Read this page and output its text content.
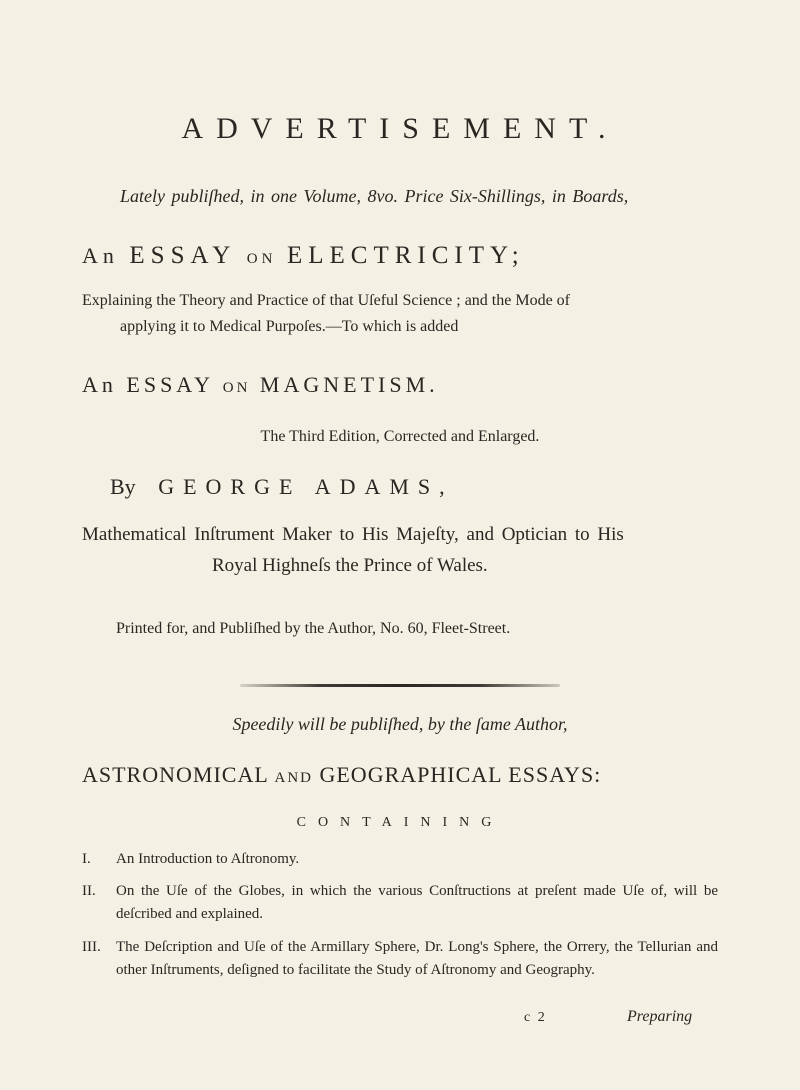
ADVERTISEMENT.
Lately publiſhed, in one Volume, 8vo. Price Six-Shillings, in Boards,
An ESSAY ON ELECTRICITY;
Explaining the Theory and Practice of that Uſeful Science ; and the Mode of
applying it to Medical Purpoſes.—To which is added
An ESSAY ON MAGNETISM.
The Third Edition, Corrected and Enlarged.
By GEORGE ADAMS,
Mathematical Inſtrument Maker to His Majeſty, and Optician to His
Royal Highneſs the Prince of Wales.
Printed for, and Publiſhed by the Author, No. 60, Fleet-Street.
Speedily will be publiſhed, by the ſame Author,
ASTRONOMICAL AND GEOGRAPHICAL ESSAYS:
CONTAINING
I. An Introduction to Aſtronomy.
II. On the Uſe of the Globes, in which the various Conſtructions at preſent made Uſe of, will be deſcribed and explained.
III. The Deſcription and Uſe of the Armillary Sphere, Dr. Long's Sphere, the Orrery, the Tellurian and other Inſtruments, deſigned to facilitate the Study of Aſtronomy and Geography.
c 2	Preparing
